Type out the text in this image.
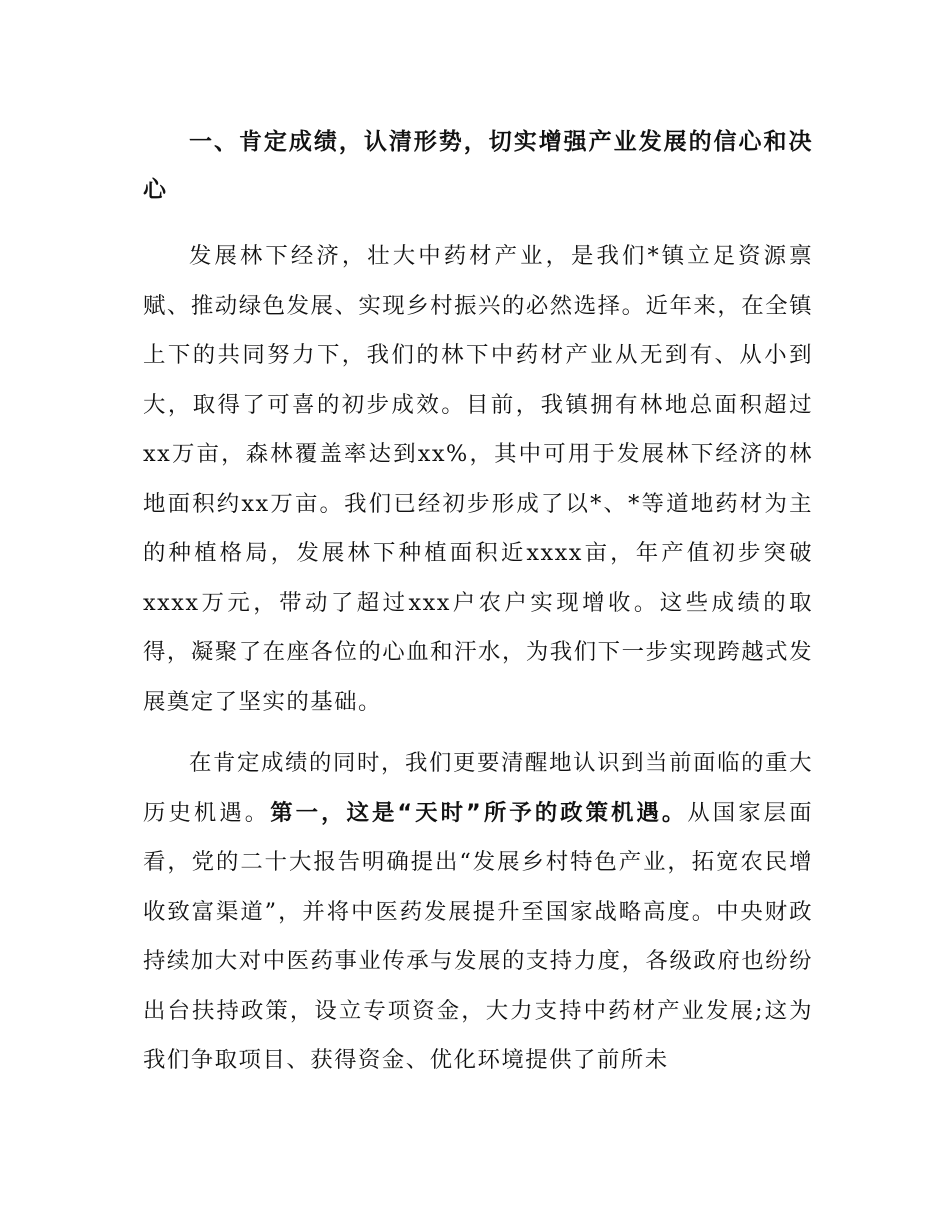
一、肯定成绩，认清形势，切实增强产业发展的信心和决心

发展林下经济，壮大中药材产业，是我们*镇立足资源禀赋、推动绿色发展、实现乡村振兴的必然选择。近年来，在全镇上下的共同努力下，我们的林下中药材产业从无到有、从小到大，取得了可喜的初步成效。目前，我镇拥有林地总面积超过xx万亩，森林覆盖率达到xx%，其中可用于发展林下经济的林地面积约xx万亩。我们已经初步形成了以*、*等道地药材为主的种植格局，发展林下种植面积近xxxx亩，年产值初步突破xxxx万元，带动了超过xxx户农户实现增收。这些成绩的取得，凝聚了在座各位的心血和汗水，为我们下一步实现跨越式发展奠定了坚实的基础。

在肯定成绩的同时，我们更要清醒地认识到当前面临的重大历史机遇。第一，这是“天时”所予的政策机遇。从国家层面看，党的二十大报告明确提出“发展乡村特色产业，拓宽农民增收致富渠道”，并将中医药发展提升至国家战略高度。中央财政持续加大对中医药事业传承与发展的支持力度，各级政府也纷纷出台扶持政策，设立专项资金，大力支持中药材产业发展;这为我们争取项目、获得资金、优化环境提供了前所未
